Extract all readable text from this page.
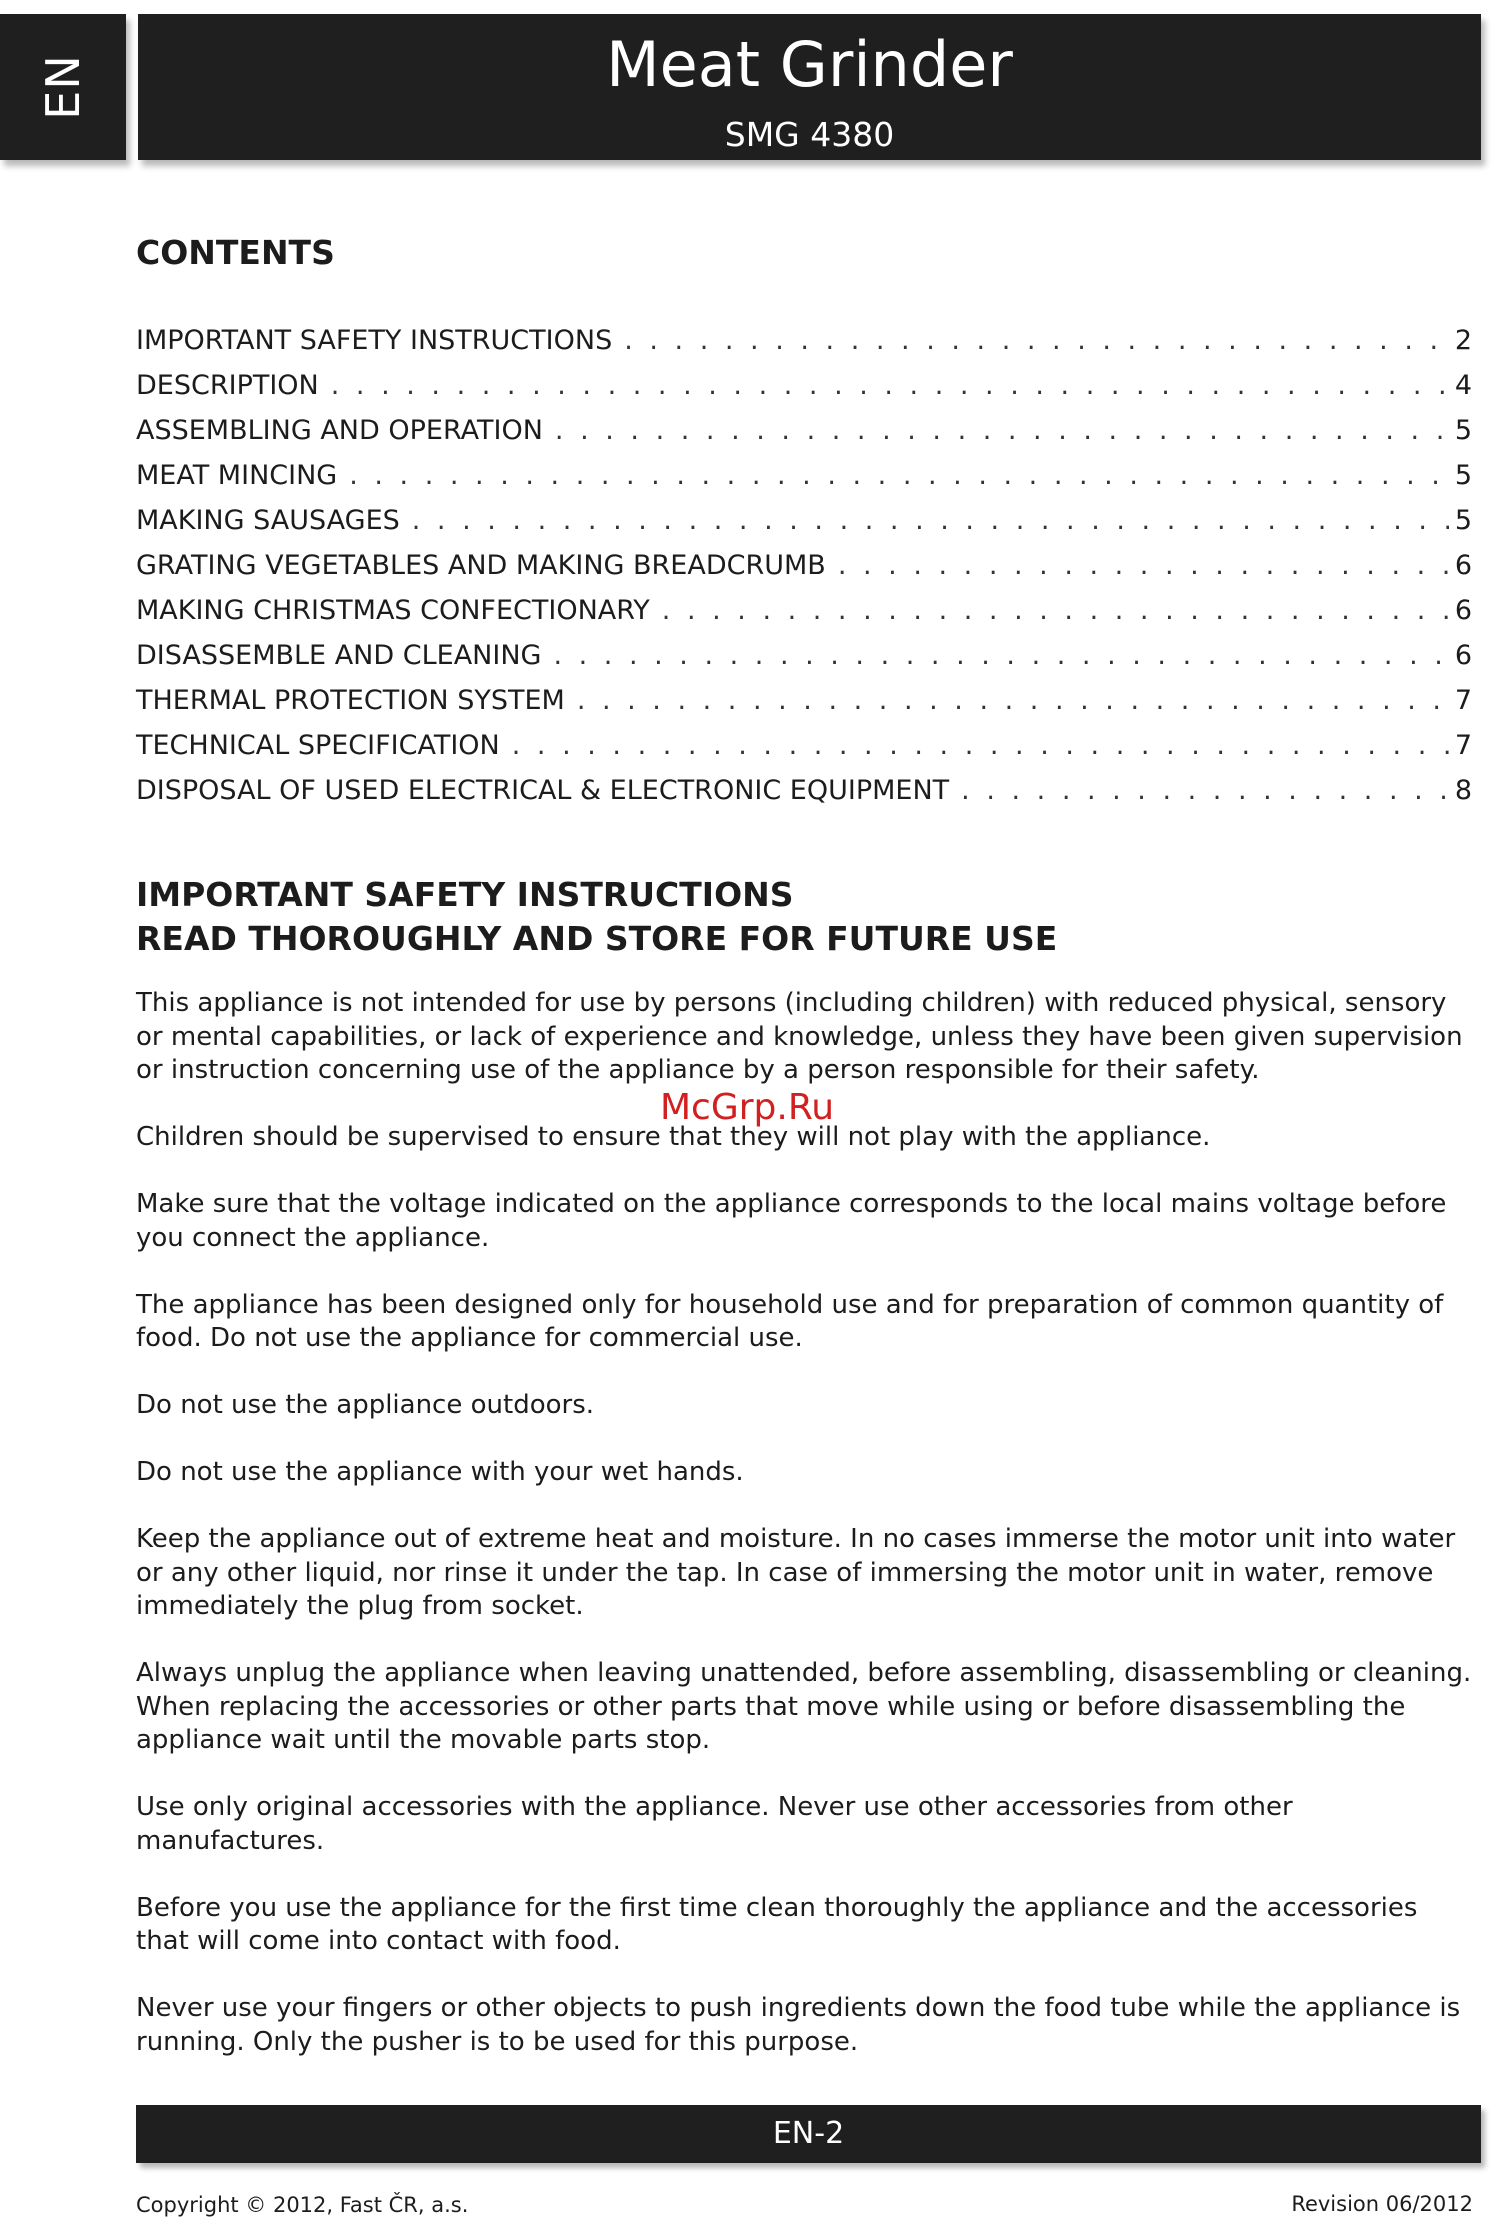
EN	Meat Grinder
SMG 4380
CONTENTS
IMPORTANT SAFETY INSTRUCTIONS . . .	2
DESCRIPTION . . .	4
ASSEMBLING AND OPERATION . . .	5
MEAT MINCING . . .	5
MAKING SAUSAGES . . .	5
GRATING VEGETABLES AND MAKING BREADCRUMB . . .	6
MAKING CHRISTMAS CONFECTIONARY . . .	6
DISASSEMBLE AND CLEANING . . .	6
THERMAL PROTECTION SYSTEM . . .	7
TECHNICAL SPECIFICATION . . .	7
DISPOSAL OF USED ELECTRICAL & ELECTRONIC EQUIPMENT . . .	8
IMPORTANT SAFETY INSTRUCTIONS
READ THOROUGHLY AND STORE FOR FUTURE USE

This appliance is not intended for use by persons (including children) with reduced physical, sensory or mental capabilities, or lack of experience and knowledge, unless they have been given supervision or instruction concerning use of the appliance by a person responsible for their safety.

Children should be supervised to ensure that they will not play with the appliance.

Make sure that the voltage indicated on the appliance corresponds to the local mains voltage before you connect the appliance.

The appliance has been designed only for household use and for preparation of common quantity of food. Do not use the appliance for commercial use.

Do not use the appliance outdoors.

Do not use the appliance with your wet hands.

Keep the appliance out of extreme heat and moisture. In no cases immerse the motor unit into water or any other liquid, nor rinse it under the tap. In case of immersing the motor unit in water, remove immediately the plug from socket.

Always unplug the appliance when leaving unattended, before assembling, disassembling or cleaning. When replacing the accessories or other parts that move while using or before disassembling the appliance wait until the movable parts stop.

Use only original accessories with the appliance. Never use other accessories from other manufactures.

Before you use the appliance for the first time clean thoroughly the appliance and the accessories that will come into contact with food.

Never use your fingers or other objects to push ingredients down the food tube while the appliance is running. Only the pusher is to be used for this purpose.

McGrp.Ru
EN-2
Copyright © 2012, Fast ČR, a.s.	Revision 06/2012
